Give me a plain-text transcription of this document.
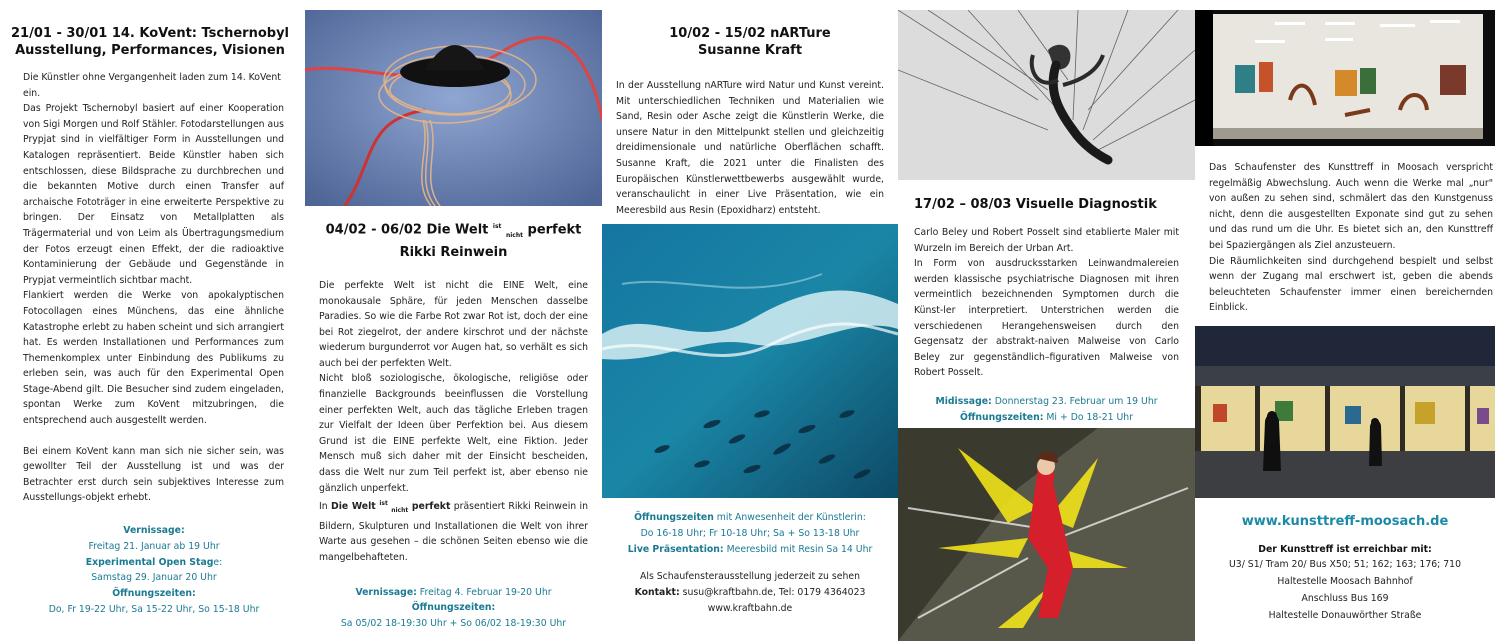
21/01 - 30/01 14. KoVent: Tschernobyl
Ausstellung, Performances, Visionen

Die Künstler ohne Vergangenheit laden zum 14. KoVent ein.

Das Projekt Tschernobyl basiert auf einer Kooperation von Sigi Morgen und Rolf Stähler. Fotodarstellungen aus Prypjat sind in vielfältiger Form in Ausstellungen und Katalogen repräsentiert. Beide Künstler haben sich entschlossen, diese Bildsprache zu durchbrechen und die bekannten Motive durch einen Transfer auf archaische Fototräger in eine erweiterte Perspektive zu bringen. Der Einsatz von Metallplatten als Trägermaterial und von Leim als Übertragungsmedium der Fotos erzeugt einen Effekt, der die radioaktive Kontaminierung der Gebäude und Gegenstände in Prypjat vermeintlich sichtbar macht.

Flankiert werden die Werke von apokalyptischen Fotocollagen eines Münchens, das eine ähnliche Katastrophe erlebt zu haben scheint und sich arrangiert hat. Es werden Installationen und Performances zum Themenkomplex unter Einbindung des Publikums zu erleben sein, was auch für den Experimental Open Stage-Abend gilt. Die Besucher sind zudem eingeladen, spontan Werke zum KoVent mitzubringen, die entsprechend auch ausgestellt werden.

Bei einem KoVent kann man sich nie sicher sein, was gewollter Teil der Ausstellung ist und was der Betrachter erst durch sein subjektives Interesse zum Ausstellungs-objekt erhebt.

Vernissage:
Freitag 21. Januar ab 19 Uhr
Experimental Open Stage:
Samstag 29. Januar 20 Uhr
Öffnungszeiten:
Do, Fr 19-22 Uhr, Sa 15-22 Uhr, So 15-18 Uhr
04/02 - 06/02 Die Welt $^{ist}$ $_{nicht}$ perfekt
Rikki Reinwein

Die perfekte Welt ist nicht die EINE Welt, eine monokausale Sphäre, für jeden Menschen dasselbe Paradies. So wie die Farbe Rot zwar Rot ist, doch der eine bei Rot ziegelrot, der andere kirschrot und der nächste wiederum burgunderrot vor Augen hat, so verhält es sich auch bei der perfekten Welt.

Nicht bloß soziologische, ökologische, religiöse oder finanzielle Backgrounds beeinflussen die Vorstellung einer perfekten Welt, auch das tägliche Erleben tragen zur Vielfalt der Ideen über Perfektion bei. Aus diesem Grund ist die EINE perfekte Welt, eine Fiktion. Jeder Mensch muß sich daher mit der Einsicht bescheiden, dass die Welt nur zum Teil perfekt ist, aber ebenso nie gänzlich unperfekt.

In Die Welt $^{ist}$ $_{nicht}$ perfekt präsentiert Rikki Reinwein in Bildern, Skulpturen und Installationen die Welt von ihrer Warte aus gesehen – die schönen Seiten ebenso wie die mangelbehafteten.

Vernissage: Freitag 4. Februar 19-20 Uhr
Öffnungszeiten:
Sa 05/02 18-19:30 Uhr + So 06/02 18-19:30 Uhr
10/02 - 15/02 nARTure
Susanne Kraft

In der Ausstellung nARTure wird Natur und Kunst vereint. Mit unterschiedlichen Techniken und Materialien wie Sand, Resin oder Asche zeigt die Künstlerin Werke, die unsere Natur in den Mittelpunkt stellen und gleichzeitig dreidimensionale und natürliche Oberflächen schafft. Susanne Kraft, die 2021 unter die Finalisten des Europäischen Künstlerwettbewerbs ausgewählt wurde, veranschaulicht in einer Live Präsentation, wie ein Meeresbild aus Resin (Epoxidharz) entsteht.

Öffnungszeiten mit Anwesenheit der Künstlerin:
Do 16-18 Uhr; Fr 10-18 Uhr; Sa + So 13-18 Uhr
Live Präsentation: Meeresbild mit Resin Sa 14 Uhr
Als Schaufensterausstellung jederzeit zu sehen
Kontakt: susu@kraftbahn.de, Tel: 0179 4364023
www.kraftbahn.de
17/02 – 08/03 Visuelle Diagnostik

Carlo Beley und Robert Posselt sind etablierte Maler mit Wurzeln im Bereich der Urban Art.

In Form von ausdrucksstarken Leinwandmalereien werden klassische psychiatrische Diagnosen mit ihren vermeintlich bezeichnenden Symptomen durch die Künst-ler interpretiert. Unterstrichen werden die verschiedenen Herangehensweisen durch den Gegensatz der abstrakt-naiven Malweise von Carlo Beley zur gegenständlich–figurativen Malweise von Robert Posselt.

Midissage: Donnerstag 23. Februar um 19 Uhr
Öffnungszeiten: Mi + Do 18-21 Uhr

Das Schaufenster des Kunsttreff in Moosach verspricht regelmäßig Abwechslung. Auch wenn die Werke mal „nur" von außen zu sehen sind, schmälert das den Kunstgenuss nicht, denn die ausgestellten Exponate sind gut zu sehen und das rund um die Uhr. Es bietet sich an, den Kunsttreff bei Spaziergängen als Ziel anzusteuern.

Die Räumlichkeiten sind durchgehend bespielt und selbst wenn der Zugang mal erschwert ist, geben die abends beleuchteten Schaufenster immer einen bereichernden Einblick.

www.kunsttreff-moosach.de
Der Kunsttreff ist erreichbar mit:
U3/ S1/ Tram 20/ Bus X50; 51; 162; 163; 176; 710
Haltestelle Moosach Bahnhof
Anschluss Bus 169
Haltestelle Donauwörther Straße
